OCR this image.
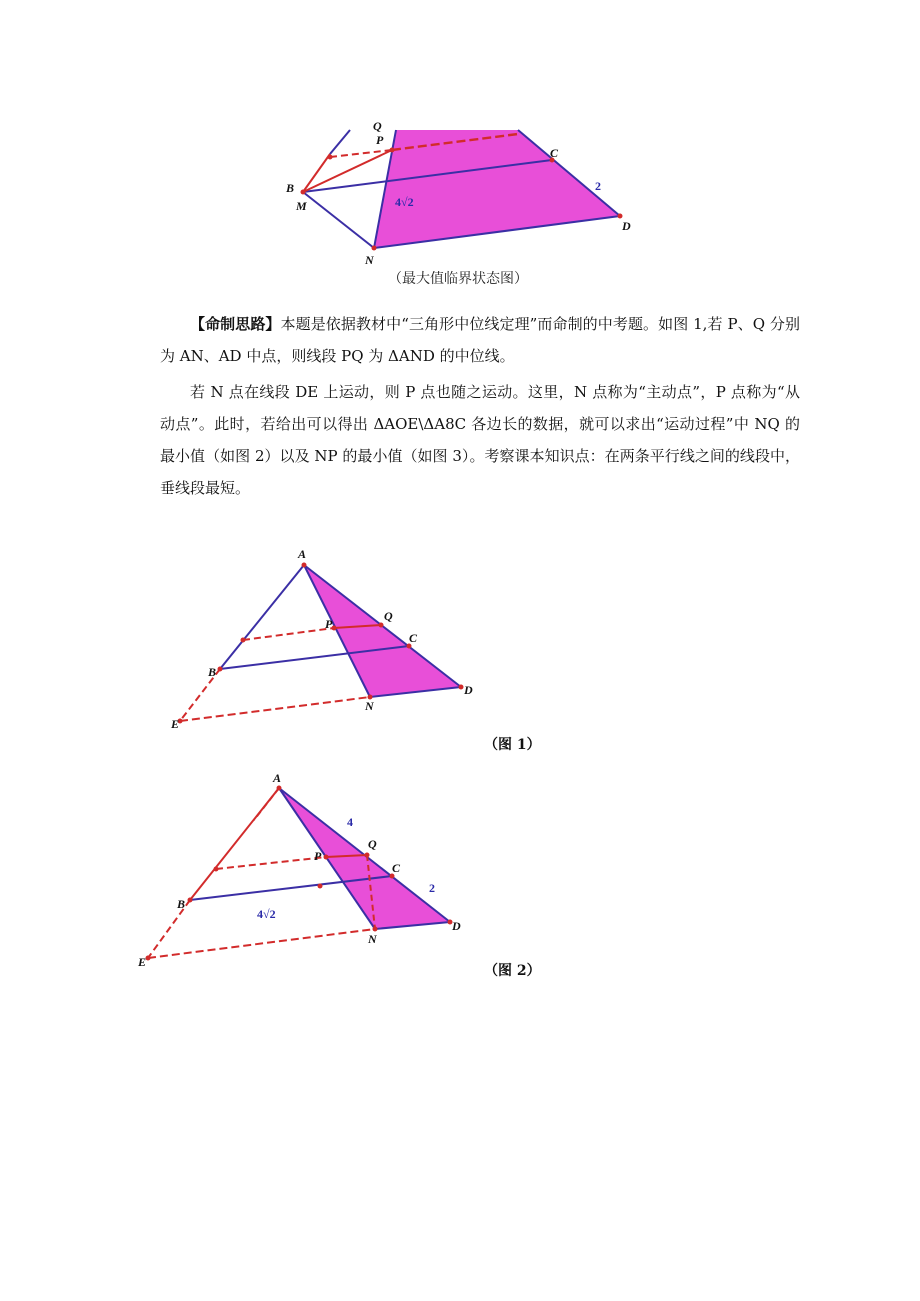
Q
P
B
M
N
C
D
2
4√2
（最大值临界状态图）

【命制思路】本题是依据教材中“三角形中位线定理”而命制的中考题。如图 1,若 P、Q 分别为 AN、AD 中点，则线段 PQ 为 ΔAND 的中位线。

若 N 点在线段 DE 上运动，则 P 点也随之运动。这里，N 点称为“主动点”，P 点称为“从动点”。此时，若给出可以得出 ΔAOE\ΔA8C 各边长的数据，就可以求出“运动过程”中 NQ 的最小值（如图 2）以及 NP 的最小值（如图 3）。考察课本知识点：在两条平行线之间的线段中，垂线段最短。

A
B
C
D
E
N
P
Q
（图 1）
A
B
C
D
E
N
P
Q
4
2
4√2
（图 2）
